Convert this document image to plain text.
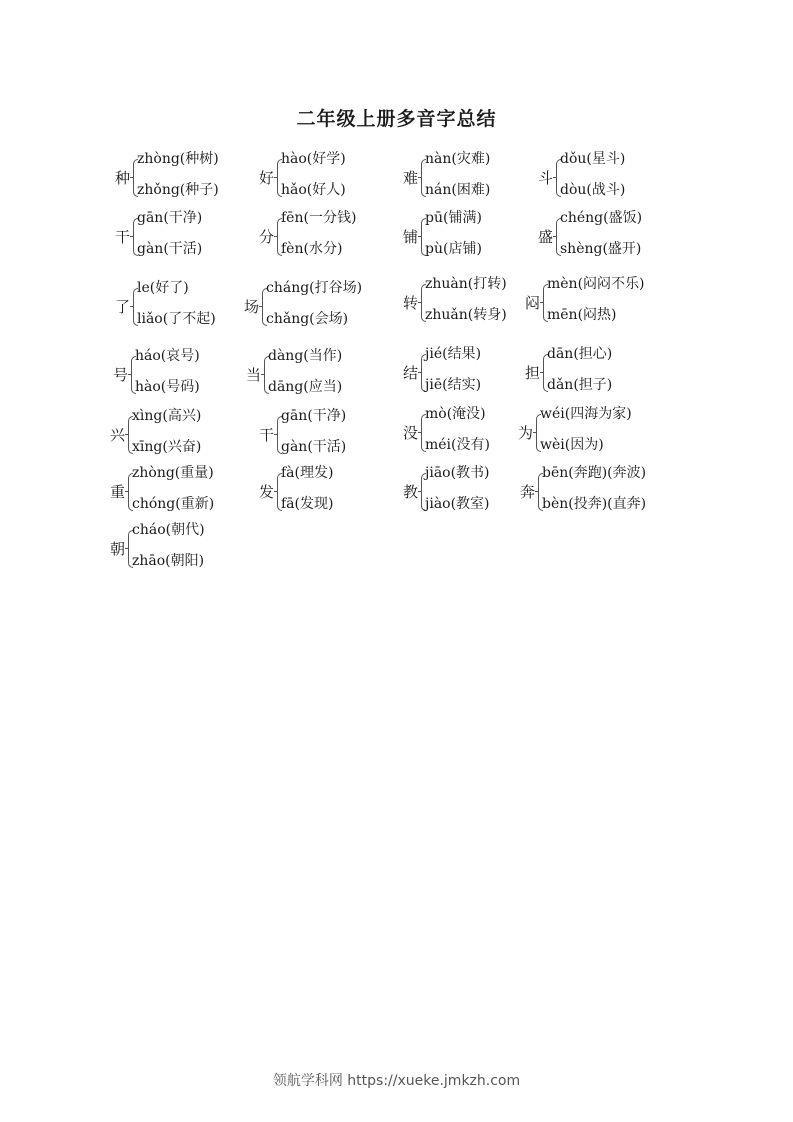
二年级上册多音字总结
种
zhòng(种树)
zhǒng(种子)
好
hào(好学)
hǎo(好人)
难
nàn(灾难)
nán(困难)
斗
dǒu(星斗)
dòu(战斗)
干
gān(干净)
gàn(干活)
分
fēn(一分钱)
fèn(水分)
铺
pū(铺满)
pù(店铺)
盛
chéng(盛饭)
shèng(盛开)
了
le(好了)
liǎo(了不起)
场
cháng(打谷场)
chǎng(会场)
转
zhuàn(打转)
zhuǎn(转身)
闷
mèn(闷闷不乐)
mēn(闷热)
号
háo(哀号)
hào(号码)
当
dàng(当作)
dāng(应当)
结
jié(结果)
jiē(结实)
担
dān(担心)
dǎn(担子)
兴
xìng(高兴)
xīng(兴奋)
干
gān(干净)
gàn(干活)
没
mò(淹没)
méi(没有)
为
wéi(四海为家)
wèi(因为)
重
zhòng(重量)
chóng(重新)
发
fà(理发)
fā(发现)
教
jiāo(教书)
jiào(教室)
奔
bēn(奔跑)(奔波)
bèn(投奔)(直奔)
朝
cháo(朝代)
zhāo(朝阳)
领航学科网 https://xueke.jmkzh.com
